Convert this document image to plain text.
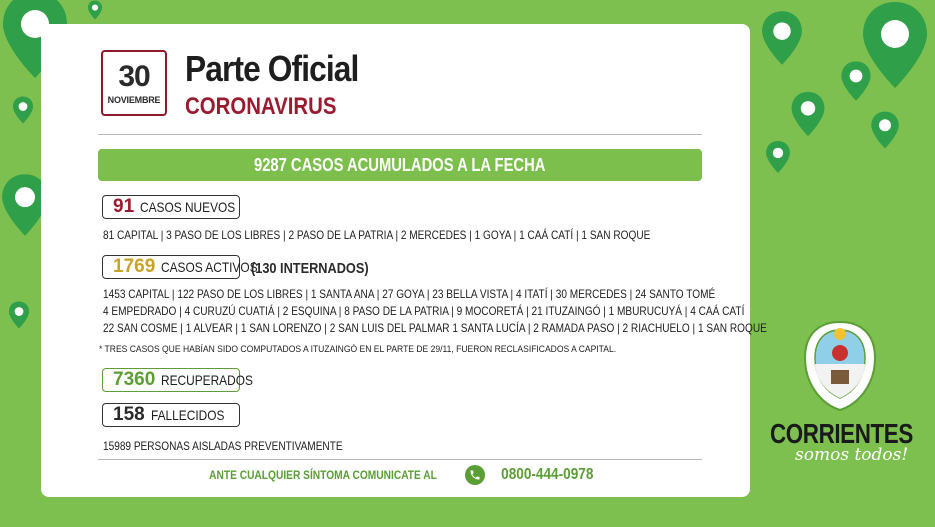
30
NOVIEMBRE
Parte Oficial
CORONAVIRUS
9287 CASOS ACUMULADOS A LA FECHA
91 CASOS NUEVOS
81 CAPITAL | 3 PASO DE LOS LIBRES | 2 PASO DE LA PATRIA | 2 MERCEDES | 1 GOYA | 1 CAÁ CATÍ | 1 SAN ROQUE
1769 CASOS ACTIVOS
(130 INTERNADOS)
1453 CAPITAL | 122 PASO DE LOS LIBRES | 1 SANTA ANA | 27 GOYA | 23 BELLA VISTA | 4 ITATÍ | 30 MERCEDES | 24 SANTO TOMÉ
4 EMPEDRADO | 4 CURUZÚ CUATIÁ | 2 ESQUINA | 8 PASO DE LA PATRIA | 9 MOCORETÁ | 21 ITUZAINGÓ | 1 MBURUCUYÁ | 4 CAÁ CATÍ
22 SAN COSME | 1 ALVEAR | 1 SAN LORENZO | 2 SAN LUIS DEL PALMAR 1 SANTA LUCÍA | 2 RAMADA PASO | 2 RIACHUELO | 1 SAN ROQUE
* TRES CASOS QUE HABÍAN SIDO COMPUTADOS A ITUZAINGÓ EN EL PARTE DE 29/11, FUERON RECLASIFICADOS A CAPITAL.
7360 RECUPERADOS
158 FALLECIDOS
15989 PERSONAS AISLADAS PREVENTIVAMENTE
ANTE CUALQUIER SÍNTOMA COMUNICATE AL	0800-444-0978
CORRIENTES
somos todos!
